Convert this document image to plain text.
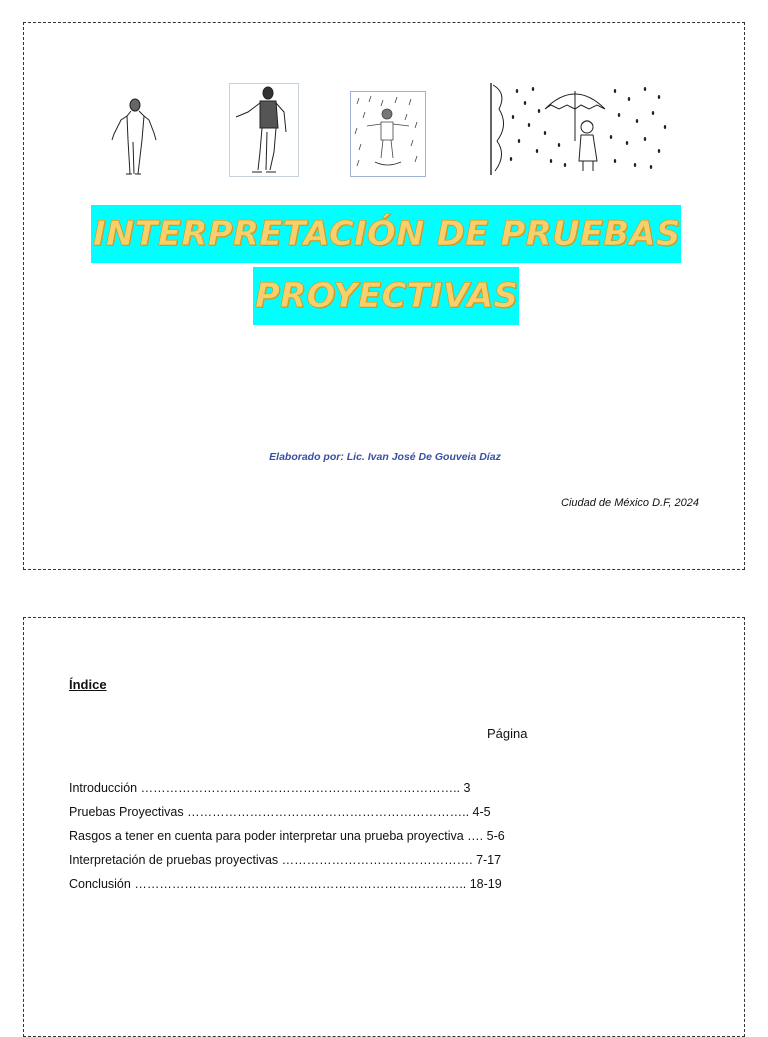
INTERPRETACIÓN DE PRUEBAS
PROYECTIVAS
Elaborado por: Lic. Ivan José De Gouveia Díaz
Ciudad de México D.F, 2024
Índice
Página
Introducción ………………………………………………………………….. 3
Pruebas Proyectivas ………………………………………………………….. 4-5
Rasgos a tener en cuenta para poder interpretar una prueba proyectiva …. 5-6
Interpretación de pruebas proyectivas ………………………………………. 7-17
Conclusión …………………………………………………………………….. 18-19
